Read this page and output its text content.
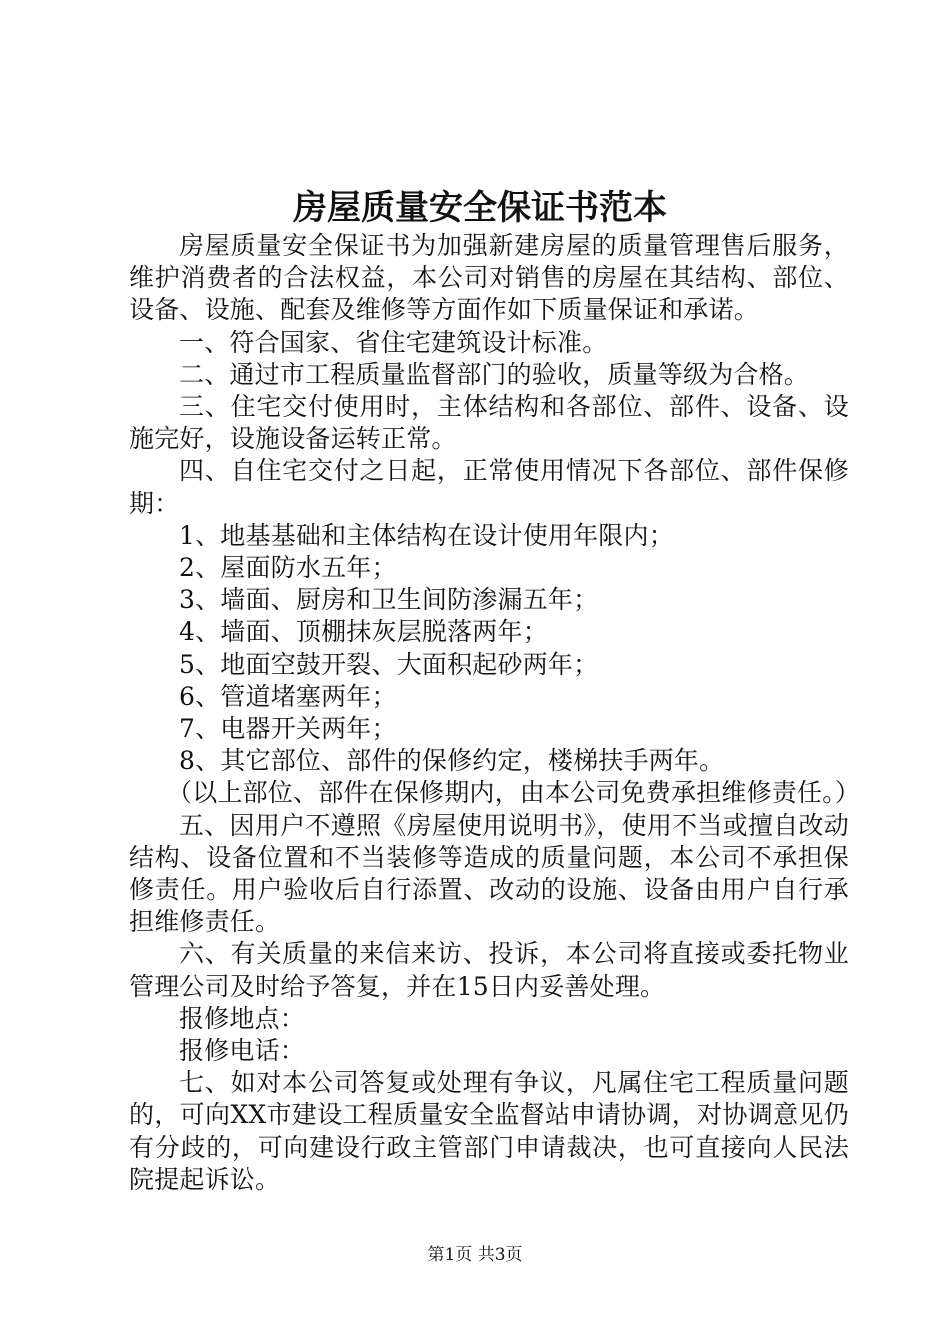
房屋质量安全保证书范本

房屋质量安全保证书为加强新建房屋的质量管理售后服务，维护消费者的合法权益，本公司对销售的房屋在其结构、部位、设备、设施、配套及维修等方面作如下质量保证和承诺。

一、符合国家、省住宅建筑设计标准。

二、通过市工程质量监督部门的验收，质量等级为合格。

三、住宅交付使用时，主体结构和各部位、部件、设备、设施完好，设施设备运转正常。

四、自住宅交付之日起，正常使用情况下各部位、部件保修期：

1、地基基础和主体结构在设计使用年限内；

2、屋面防水五年；

3、墙面、厨房和卫生间防渗漏五年；

4、墙面、顶棚抹灰层脱落两年；

5、地面空鼓开裂、大面积起砂两年；

6、管道堵塞两年；

7、电器开关两年；

8、其它部位、部件的保修约定，楼梯扶手两年。

（以上部位、部件在保修期内，由本公司免费承担维修责任。）

五、因用户不遵照《房屋使用说明书》，使用不当或擅自改动结构、设备位置和不当装修等造成的质量问题，本公司不承担保修责任。用户验收后自行添置、改动的设施、设备由用户自行承担维修责任。

六、有关质量的来信来访、投诉，本公司将直接或委托物业管理公司及时给予答复，并在15日内妥善处理。

报修地点：

报修电话：

七、如对本公司答复或处理有争议，凡属住宅工程质量问题的，可向XX市建设工程质量安全监督站申请协调，对协调意见仍有分歧的，可向建设行政主管部门申请裁决，也可直接向人民法院提起诉讼。

第1页 共3页
